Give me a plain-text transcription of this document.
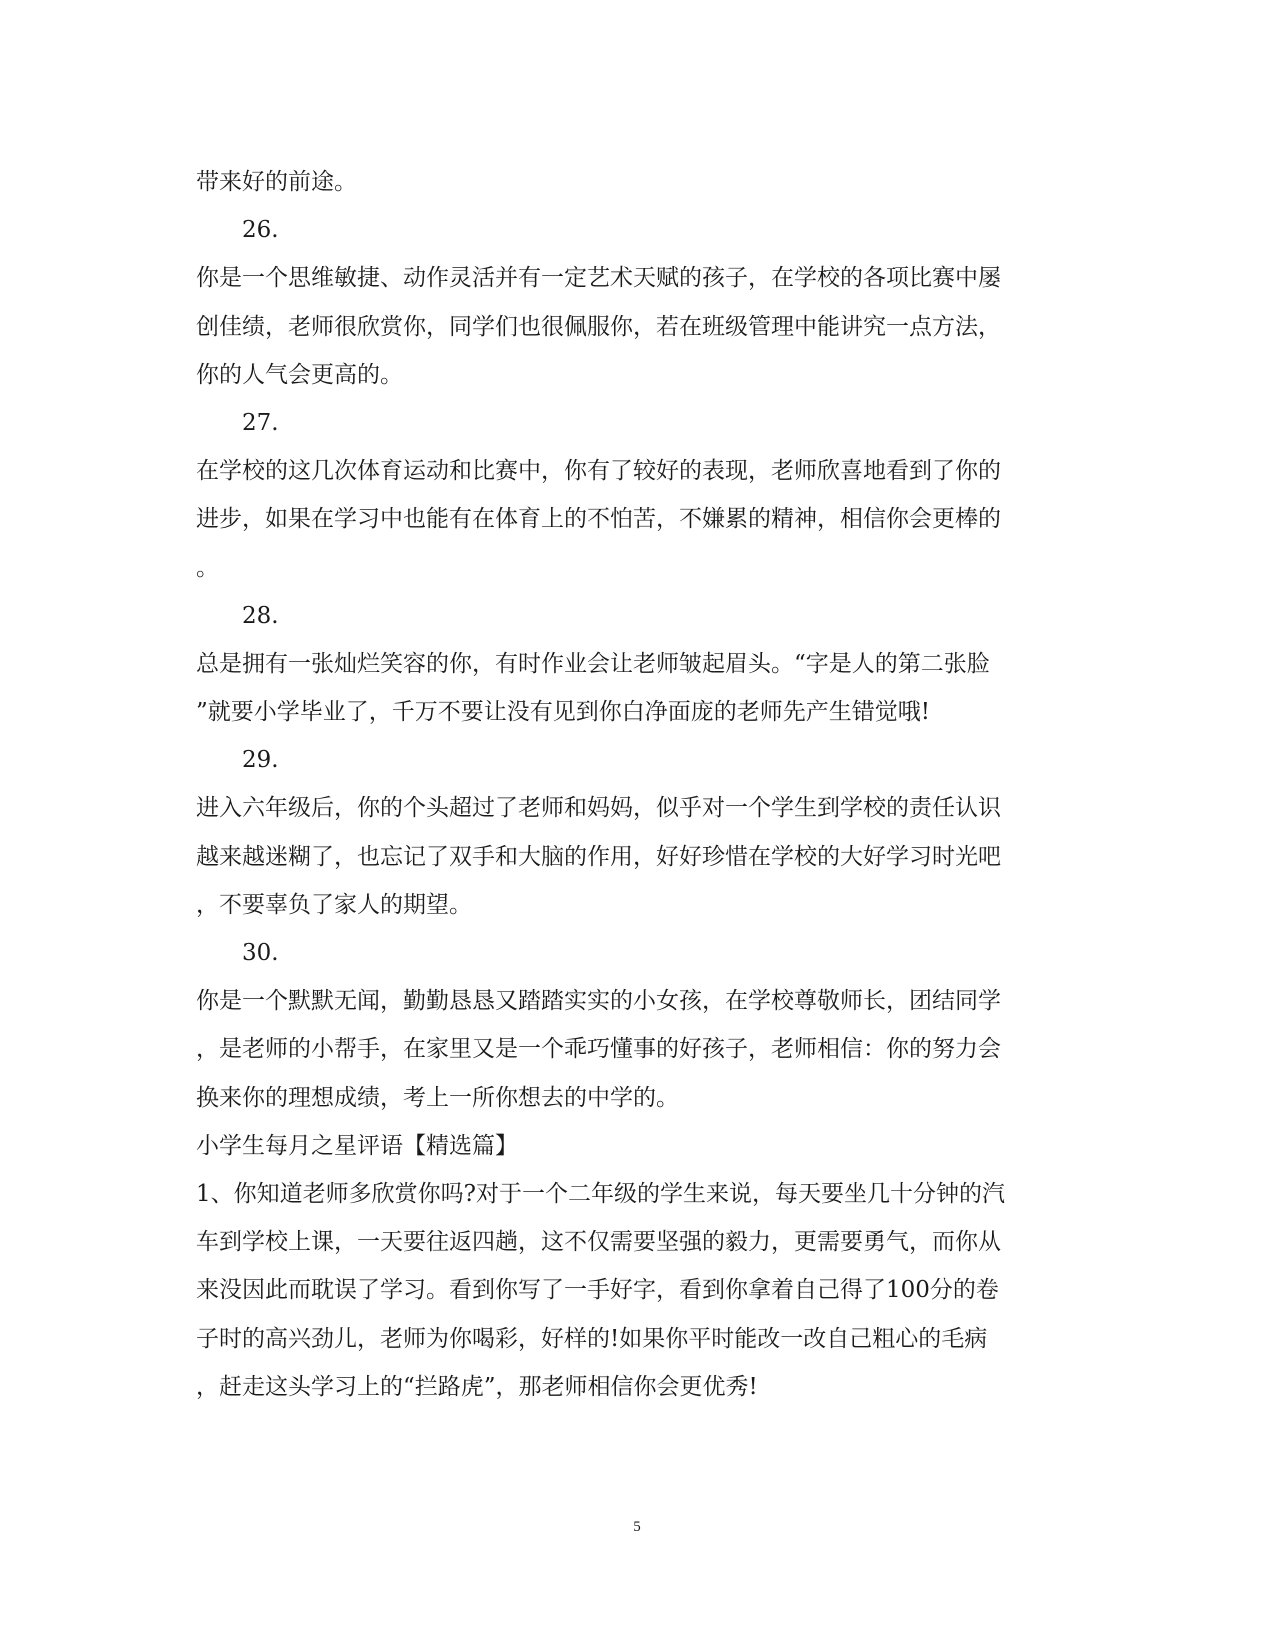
带来好的前途。
26.
你是一个思维敏捷、动作灵活并有一定艺术天赋的孩子，在学校的各项比赛中屡
创佳绩，老师很欣赏你，同学们也很佩服你，若在班级管理中能讲究一点方法，
你的人气会更高的。
27.
在学校的这几次体育运动和比赛中，你有了较好的表现，老师欣喜地看到了你的
进步，如果在学习中也能有在体育上的不怕苦，不嫌累的精神，相信你会更棒的
。
28.
总是拥有一张灿烂笑容的你，有时作业会让老师皱起眉头。“字是人的第二张脸
”就要小学毕业了，千万不要让没有见到你白净面庞的老师先产生错觉哦!
29.
进入六年级后，你的个头超过了老师和妈妈，似乎对一个学生到学校的责任认识
越来越迷糊了，也忘记了双手和大脑的作用，好好珍惜在学校的大好学习时光吧
，不要辜负了家人的期望。
30.
你是一个默默无闻，勤勤恳恳又踏踏实实的小女孩，在学校尊敬师长，团结同学
，是老师的小帮手，在家里又是一个乖巧懂事的好孩子，老师相信：你的努力会
换来你的理想成绩，考上一所你想去的中学的。
小学生每月之星评语【精选篇】
1、你知道老师多欣赏你吗?对于一个二年级的学生来说，每天要坐几十分钟的汽
车到学校上课，一天要往返四趟，这不仅需要坚强的毅力，更需要勇气，而你从
来没因此而耽误了学习。看到你写了一手好字，看到你拿着自己得了100分的卷
子时的高兴劲儿，老师为你喝彩，好样的!如果你平时能改一改自己粗心的毛病
，赶走这头学习上的“拦路虎”，那老师相信你会更优秀!
5
